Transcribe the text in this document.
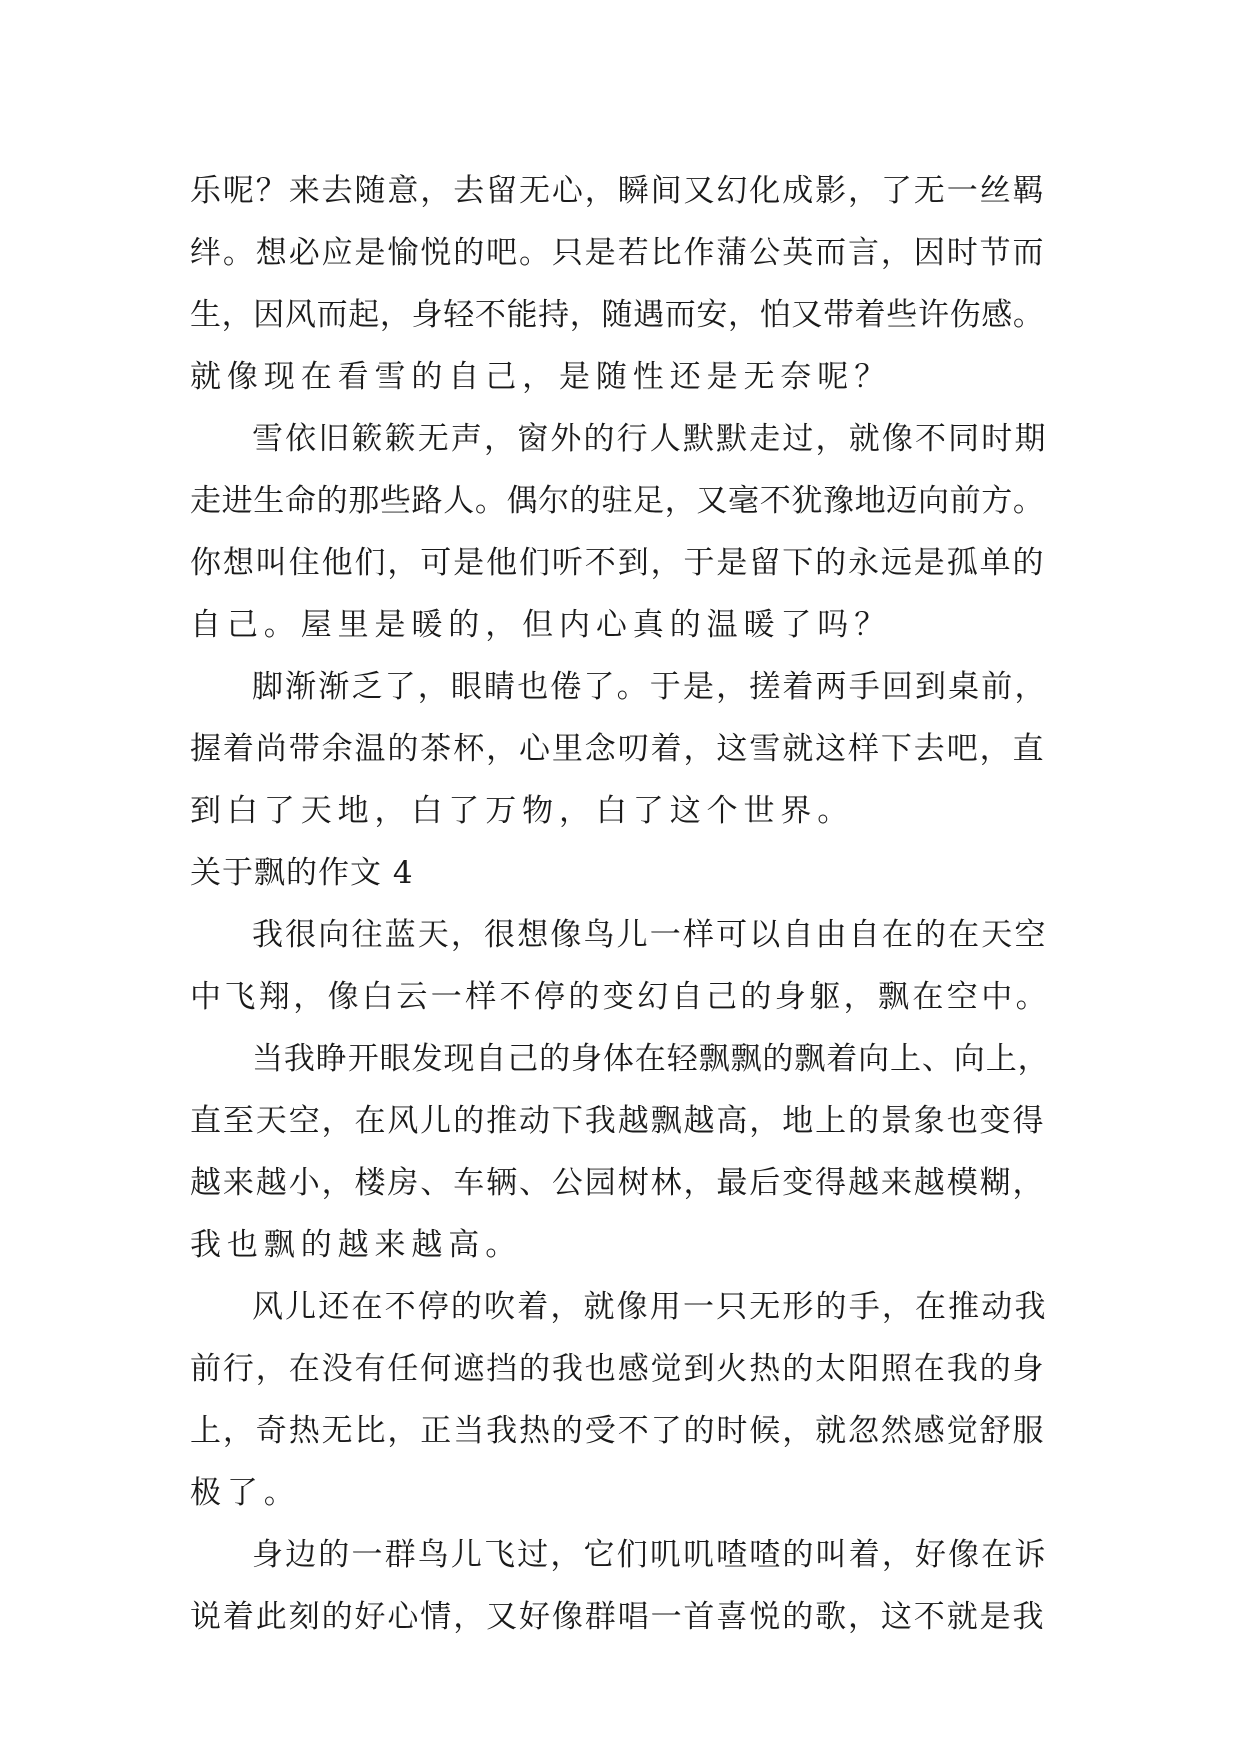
乐呢？来去随意，去留无心，瞬间又幻化成影，了无一丝羁
绊。想必应是愉悦的吧。只是若比作蒲公英而言，因时节而
生，因风而起，身轻不能持，随遇而安，怕又带着些许伤感。
就像现在看雪的自己，是随性还是无奈呢？
雪依旧簌簌无声，窗外的行人默默走过，就像不同时期
走进生命的那些路人。偶尔的驻足，又毫不犹豫地迈向前方。
你想叫住他们，可是他们听不到，于是留下的永远是孤单的
自己。屋里是暖的，但内心真的温暖了吗？
脚渐渐乏了，眼睛也倦了。于是，搓着两手回到桌前，
握着尚带余温的茶杯，心里念叨着，这雪就这样下去吧，直
到白了天地，白了万物，白了这个世界。
关于飘的作文 4
我很向往蓝天，很想像鸟儿一样可以自由自在的在天空
中飞翔，像白云一样不停的变幻自己的身躯，飘在空中。
当我睁开眼发现自己的身体在轻飘飘的飘着向上、向上，
直至天空，在风儿的推动下我越飘越高，地上的景象也变得
越来越小，楼房、车辆、公园树林，最后变得越来越模糊，
我也飘的越来越高。
风儿还在不停的吹着，就像用一只无形的手，在推动我
前行，在没有任何遮挡的我也感觉到火热的太阳照在我的身
上，奇热无比，正当我热的受不了的时候，就忽然感觉舒服
极了。
身边的一群鸟儿飞过，它们叽叽喳喳的叫着，好像在诉
说着此刻的好心情，又好像群唱一首喜悦的歌，这不就是我
